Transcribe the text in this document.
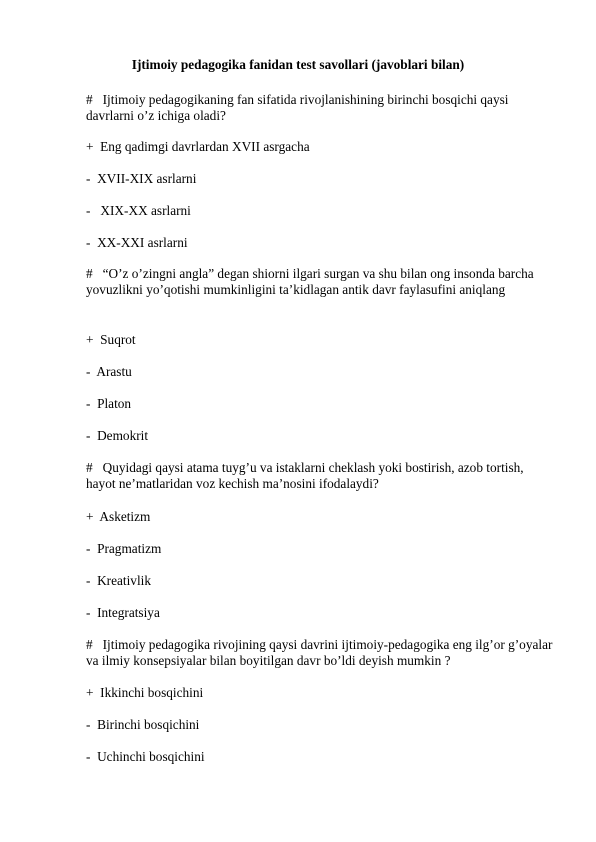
Ijtimoiy pedagogika fanidan test savollari (javoblari bilan)
#   Ijtimoiy pedagogikaning fan sifatida rivojlanishining birinchi bosqichi qaysi davrlarni o’z ichiga oladi?
+  Eng qadimgi davrlardan XVII asrgacha
-  XVII-XIX asrlarni
-   XIX-XX asrlarni
-  XX-XXI asrlarni
#   “O’z o’zingni angla” degan shiorni ilgari surgan va shu bilan ong insonda barcha yovuzlikni yo’qotishi mumkinligini ta’kidlagan antik davr faylasufini aniqlang
+  Suqrot
-  Arastu
-  Platon
-  Demokrit
#   Quyidagi qaysi atama tuyg’u va istaklarni cheklash yoki bostirish, azob tortish, hayot ne’matlaridan voz kechish ma’nosini ifodalaydi?
+  Asketizm
-  Pragmatizm
-  Kreativlik
-  Integratsiya
#   Ijtimoiy pedagogika rivojining qaysi davrini ijtimoiy-pedagogika eng ilg’or g’oyalar va ilmiy konsepsiyalar bilan boyitilgan davr bo’ldi deyish mumkin ?
+  Ikkinchi bosqichini
-  Birinchi bosqichini
-  Uchinchi bosqichini
